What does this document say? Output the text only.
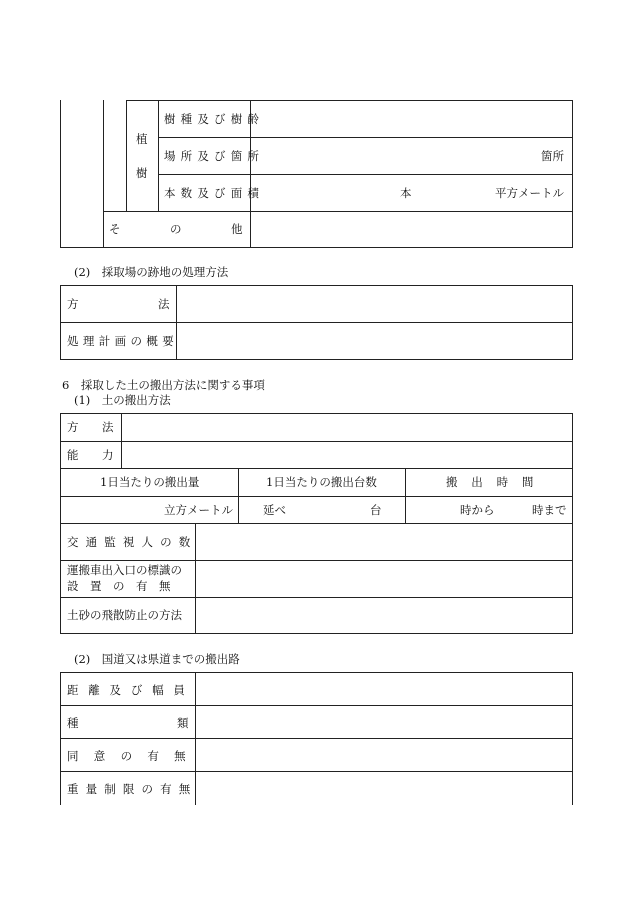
植
樹
樹種及び樹齢
場所及び箇所	箇所
本数及び面積	本	平方メートル
そ	の	他
(2)　採取場の跡地の処理方法
方	法
処理計画の概要
6　採取した土の搬出方法に関する事項
(1)　土の搬出方法
方 法
能 力
1日当たりの搬出量	1日当たりの搬出台数	搬出時間
立方メートル	延べ	台	時から	時まで
交通監視人の数
運搬車出入口の標識の
設　置　の　有　無
土砂の飛散防止の方法
(2)　国道又は県道までの搬出路
距離及び幅員
種	類
同意の有無
重量制限の有無
